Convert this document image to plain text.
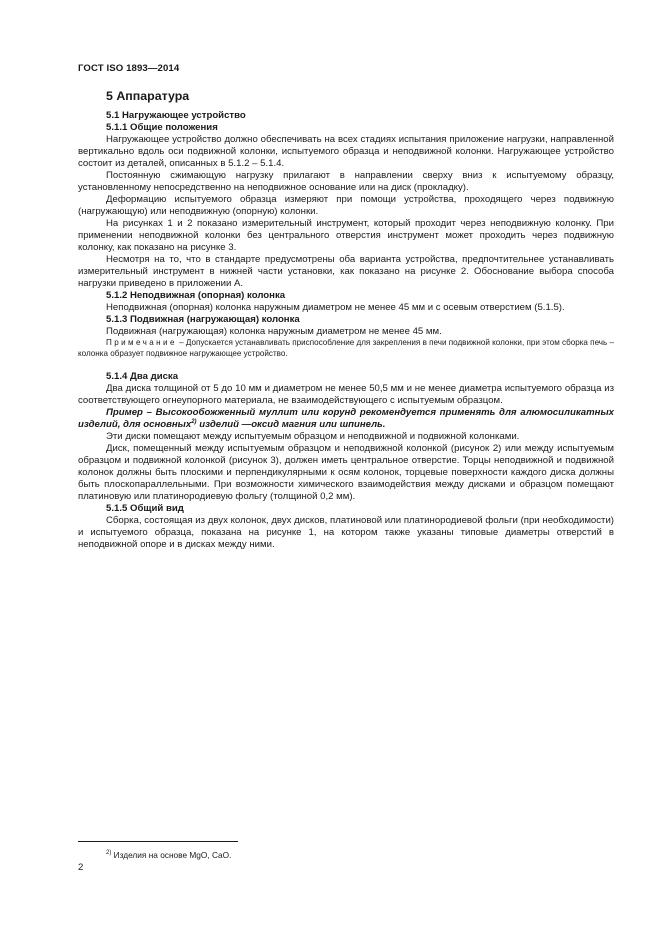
ГОСТ ISO 1893—2014
5 Аппаратура
5.1 Нагружающее устройство
5.1.1 Общие положения

Нагружающее устройство должно обеспечивать на всех стадиях испытания приложение нагрузки, направленной вертикально вдоль оси подвижной колонки, испытуемого образца и неподвижной колонки. Нагружающее устройство состоит из деталей, описанных в 5.1.2 – 5.1.4.

Постоянную сжимающую нагрузку прилагают в направлении сверху вниз к испытуемому образцу, установленному непосредственно на неподвижное основание или на диск (прокладку).

Деформацию испытуемого образца измеряют при помощи устройства, проходящего через подвижную (нагружающую) или неподвижную (опорную) колонки.

На рисунках 1 и 2 показано измерительный инструмент, который проходит через неподвижную колонку. При применении неподвижной колонки без центрального отверстия инструмент может проходить через подвижную колонку, как показано на рисунке 3.

Несмотря на то, что в стандарте предусмотрены оба варианта устройства, предпочтительнее устанавливать измерительный инструмент в нижней части установки, как показано на рисунке 2. Обоснование выбора способа нагрузки приведено в приложении А.

5.1.2 Неподвижная (опорная) колонка

Неподвижная (опорная) колонка наружным диаметром не менее 45 мм и с осевым отверстием (5.1.5).

5.1.3 Подвижная (нагружающая) колонка

Подвижная (нагружающая) колонка наружным диаметром не менее 45 мм.

Примечание – Допускается устанавливать приспособление для закрепления в печи подвижной колонки, при этом сборка печь – колонка образует подвижное нагружающее устройство.

5.1.4 Два диска

Два диска толщиной от 5 до 10 мм и диаметром не менее 50,5 мм и не менее диаметра испытуемого образца из соответствующего огнеупорного материала, не взаимодействующего с испытуемым образцом.

Пример – Высокообожженный муллит или корунд рекомендуется применять для алюмосиликатных изделий, для основных$^{2)}$ изделий —оксид магния или шпинель.

Эти диски помещают между испытуемым образцом и неподвижной и подвижной колонками.

Диск, помещенный между испытуемым образцом и неподвижной колонкой (рисунок 2) или между испытуемым образцом и подвижной колонкой (рисунок 3), должен иметь центральное отверстие. Торцы неподвижной и подвижной колонок должны быть плоскими и перпендикулярными к осям колонок, торцевые поверхности каждого диска должны быть плоскопараллельными. При возможности химического взаимодействия между дисками и образцом помещают платиновую или платинородиевую фольгу (толщиной 0,2 мм).

5.1.5 Общий вид

Сборка, состоящая из двух колонок, двух дисков, платиновой или платинородиевой фольги (при необходимости) и испытуемого образца, показана на рисунке 1, на котором также указаны типовые диаметры отверстий в неподвижной опоре и в дисках между ними.

$^{2)}$ Изделия на основе MgO, CaO.
2
